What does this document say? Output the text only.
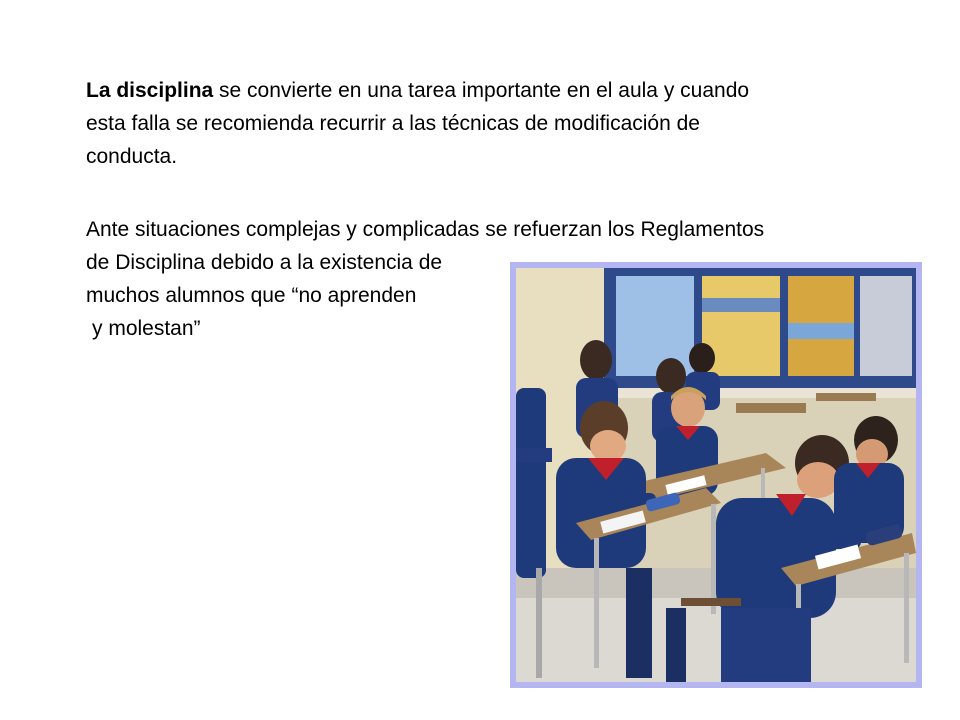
La disciplina se convierte en una tarea importante en el aula y cuando
esta falla se recomienda recurrir a las técnicas de modificación de
conducta.

Ante situaciones complejas y complicadas se refuerzan los Reglamentos
de Disciplina debido a la existencia de
muchos alumnos que “no aprenden
y molestan”
